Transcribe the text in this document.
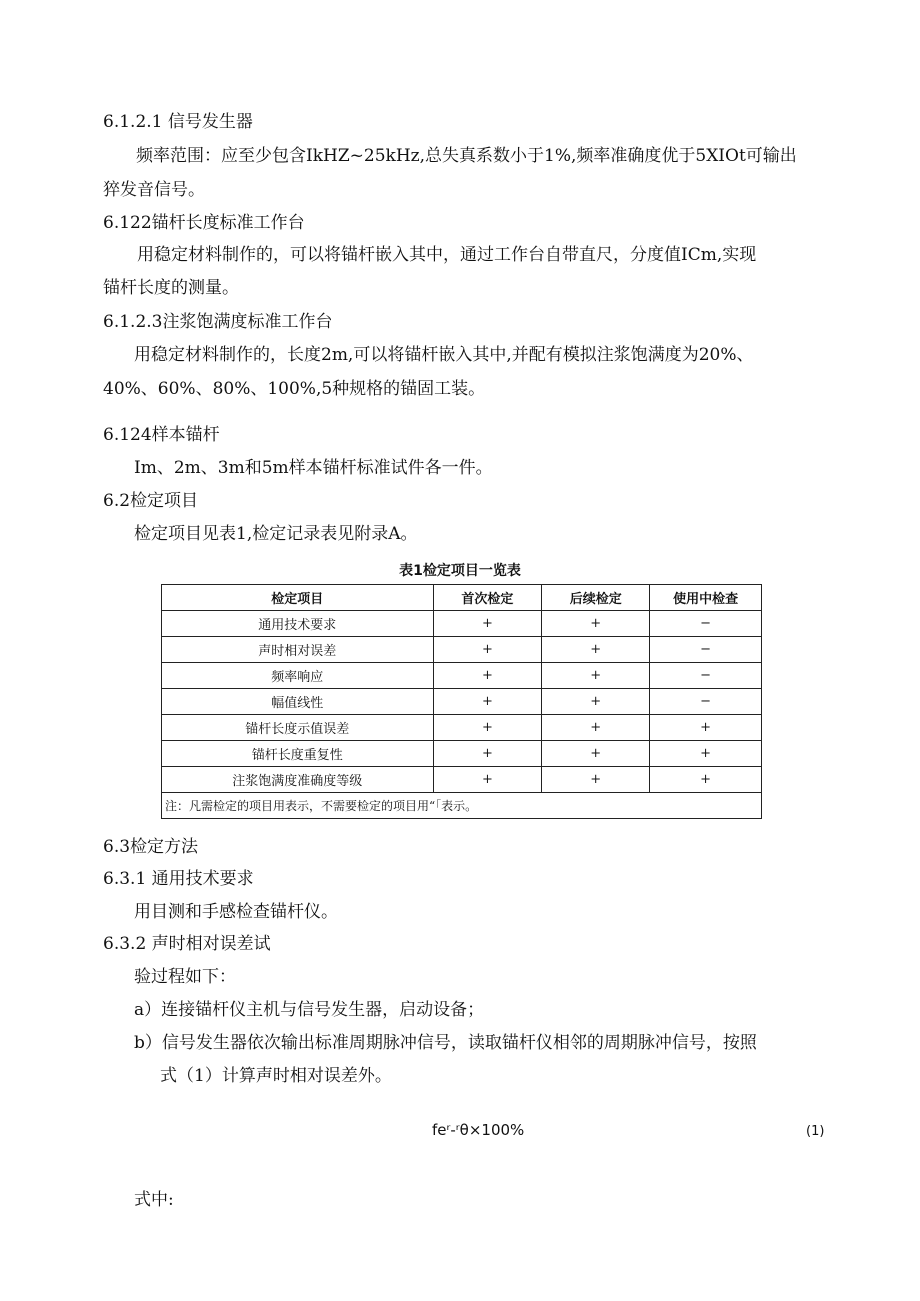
6.1.2.1 信号发生器
频率范围：应至少包含IkHZ~25kHz,总失真系数小于1%,频率准确度优于5XIOt可输出
猝发音信号。
6.122锚杆长度标准工作台
用稳定材料制作的，可以将锚杆嵌入其中，通过工作台自带直尺，分度值ICm,实现
锚杆长度的测量。
6.1.2.3注浆饱满度标准工作台
用稳定材料制作的，长度2m,可以将锚杆嵌入其中,并配有模拟注浆饱满度为20%、
40%、60%、80%、100%,5种规格的锚固工装。
6.124样本锚杆
Im、2m、3m和5m样本锚杆标准试件各一件。
6.2检定项目
检定项目见表1,检定记录表见附录A。
表1检定项目一览表
检定项目	首次检定	后续检定	使用中检查
通用技术要求	+	+	−
声时相对误差	+	+	−
频率响应	+	+	−
幅值线性	+	+	−
锚杆长度示值误差	+	+	+
锚杆长度重复性	+	+	+
注浆饱满度准确度等级	+	+	+
注：凡需检定的项目用表示，不需要检定的项目用“「表示。			
6.3检定方法
6.3.1 通用技术要求
用目测和手感检查锚杆仪。
6.3.2 声时相对误差试
验过程如下：
a）连接锚杆仪主机与信号发生器，启动设备；
b）信号发生器依次输出标准周期脉冲信号，读取锚杆仪相邻的周期脉冲信号，按照
式（1）计算声时相对误差外。
feʳ-ʳθ×100%	(1)
式中:
